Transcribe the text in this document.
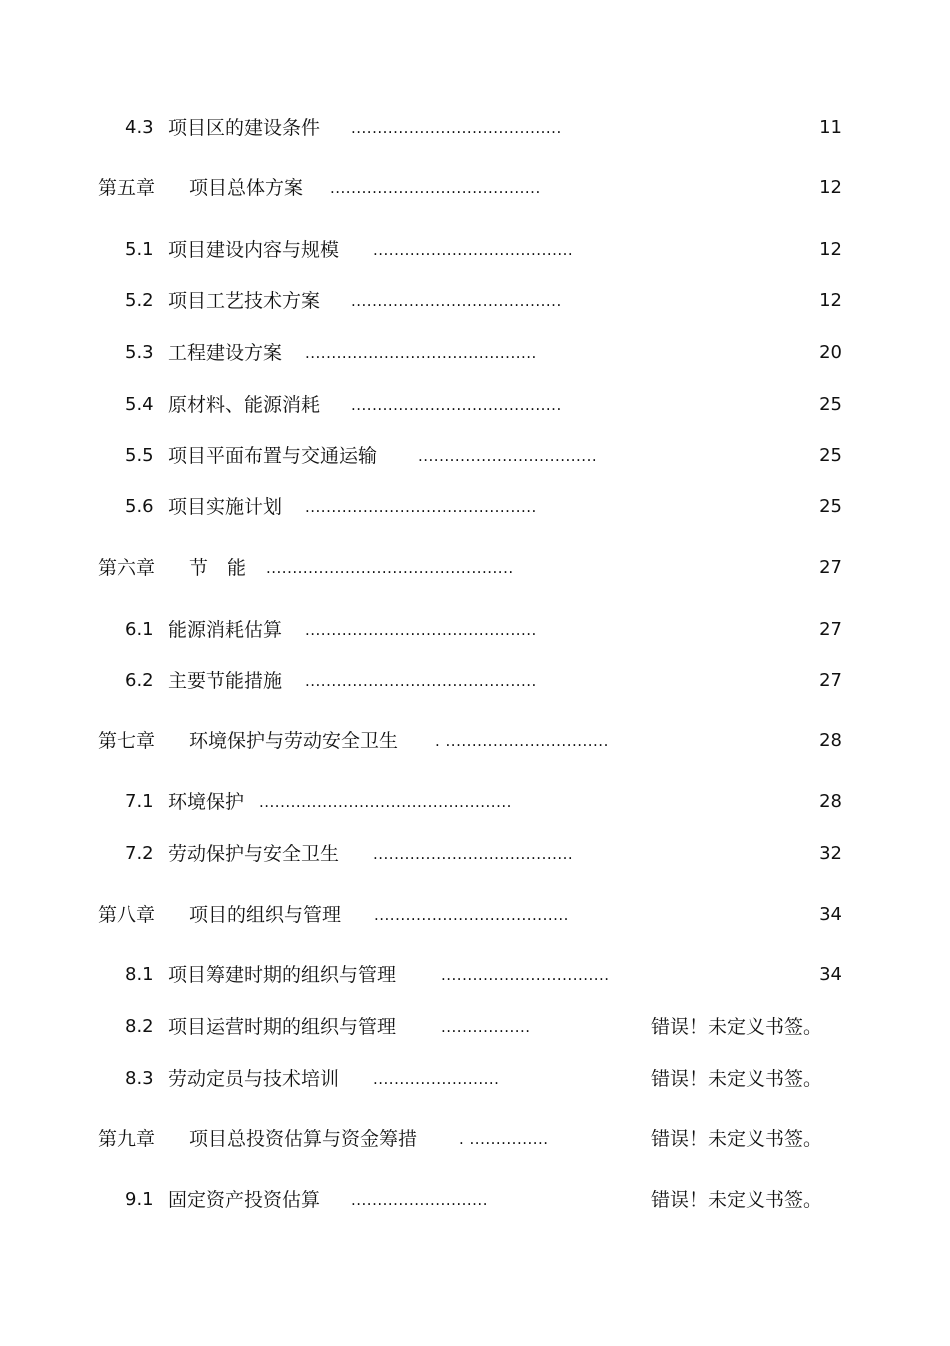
4.3 项目区的建设条件 ........................................	11
第五章 项目总体方案 ........................................	12
5.1 项目建设内容与规模 ......................................	12
5.2 项目工艺技术方案 ........................................	12
5.3 工程建设方案 ............................................	20
5.4 原材料、能源消耗 ........................................	25
5.5 项目平面布置与交通运输	..................................	25
5.6 项目实施计划 ............................................	25
第六章 节　能 ...............................................	27
6.1 能源消耗估算 ............................................	27
6.2 主要节能措施 ............................................	27
第七章 环境保护与劳动安全卫生 . ...............................	28
7.1 环境保护 ................................................	28
7.2 劳动保护与安全卫生 ......................................	32
第八章 项目的组织与管理 .....................................	34
8.1 项目筹建时期的组织与管理	................................	34
8.2 项目运营时期的组织与管理	.................	错误！未定义书签。
8.3 劳动定员与技术培训 ........................	错误！未定义书签。
第九章 项目总投资估算与资金筹措	. ...............	错误！未定义书签。
9.1 固定资产投资估算 ..........................	错误！未定义书签。
